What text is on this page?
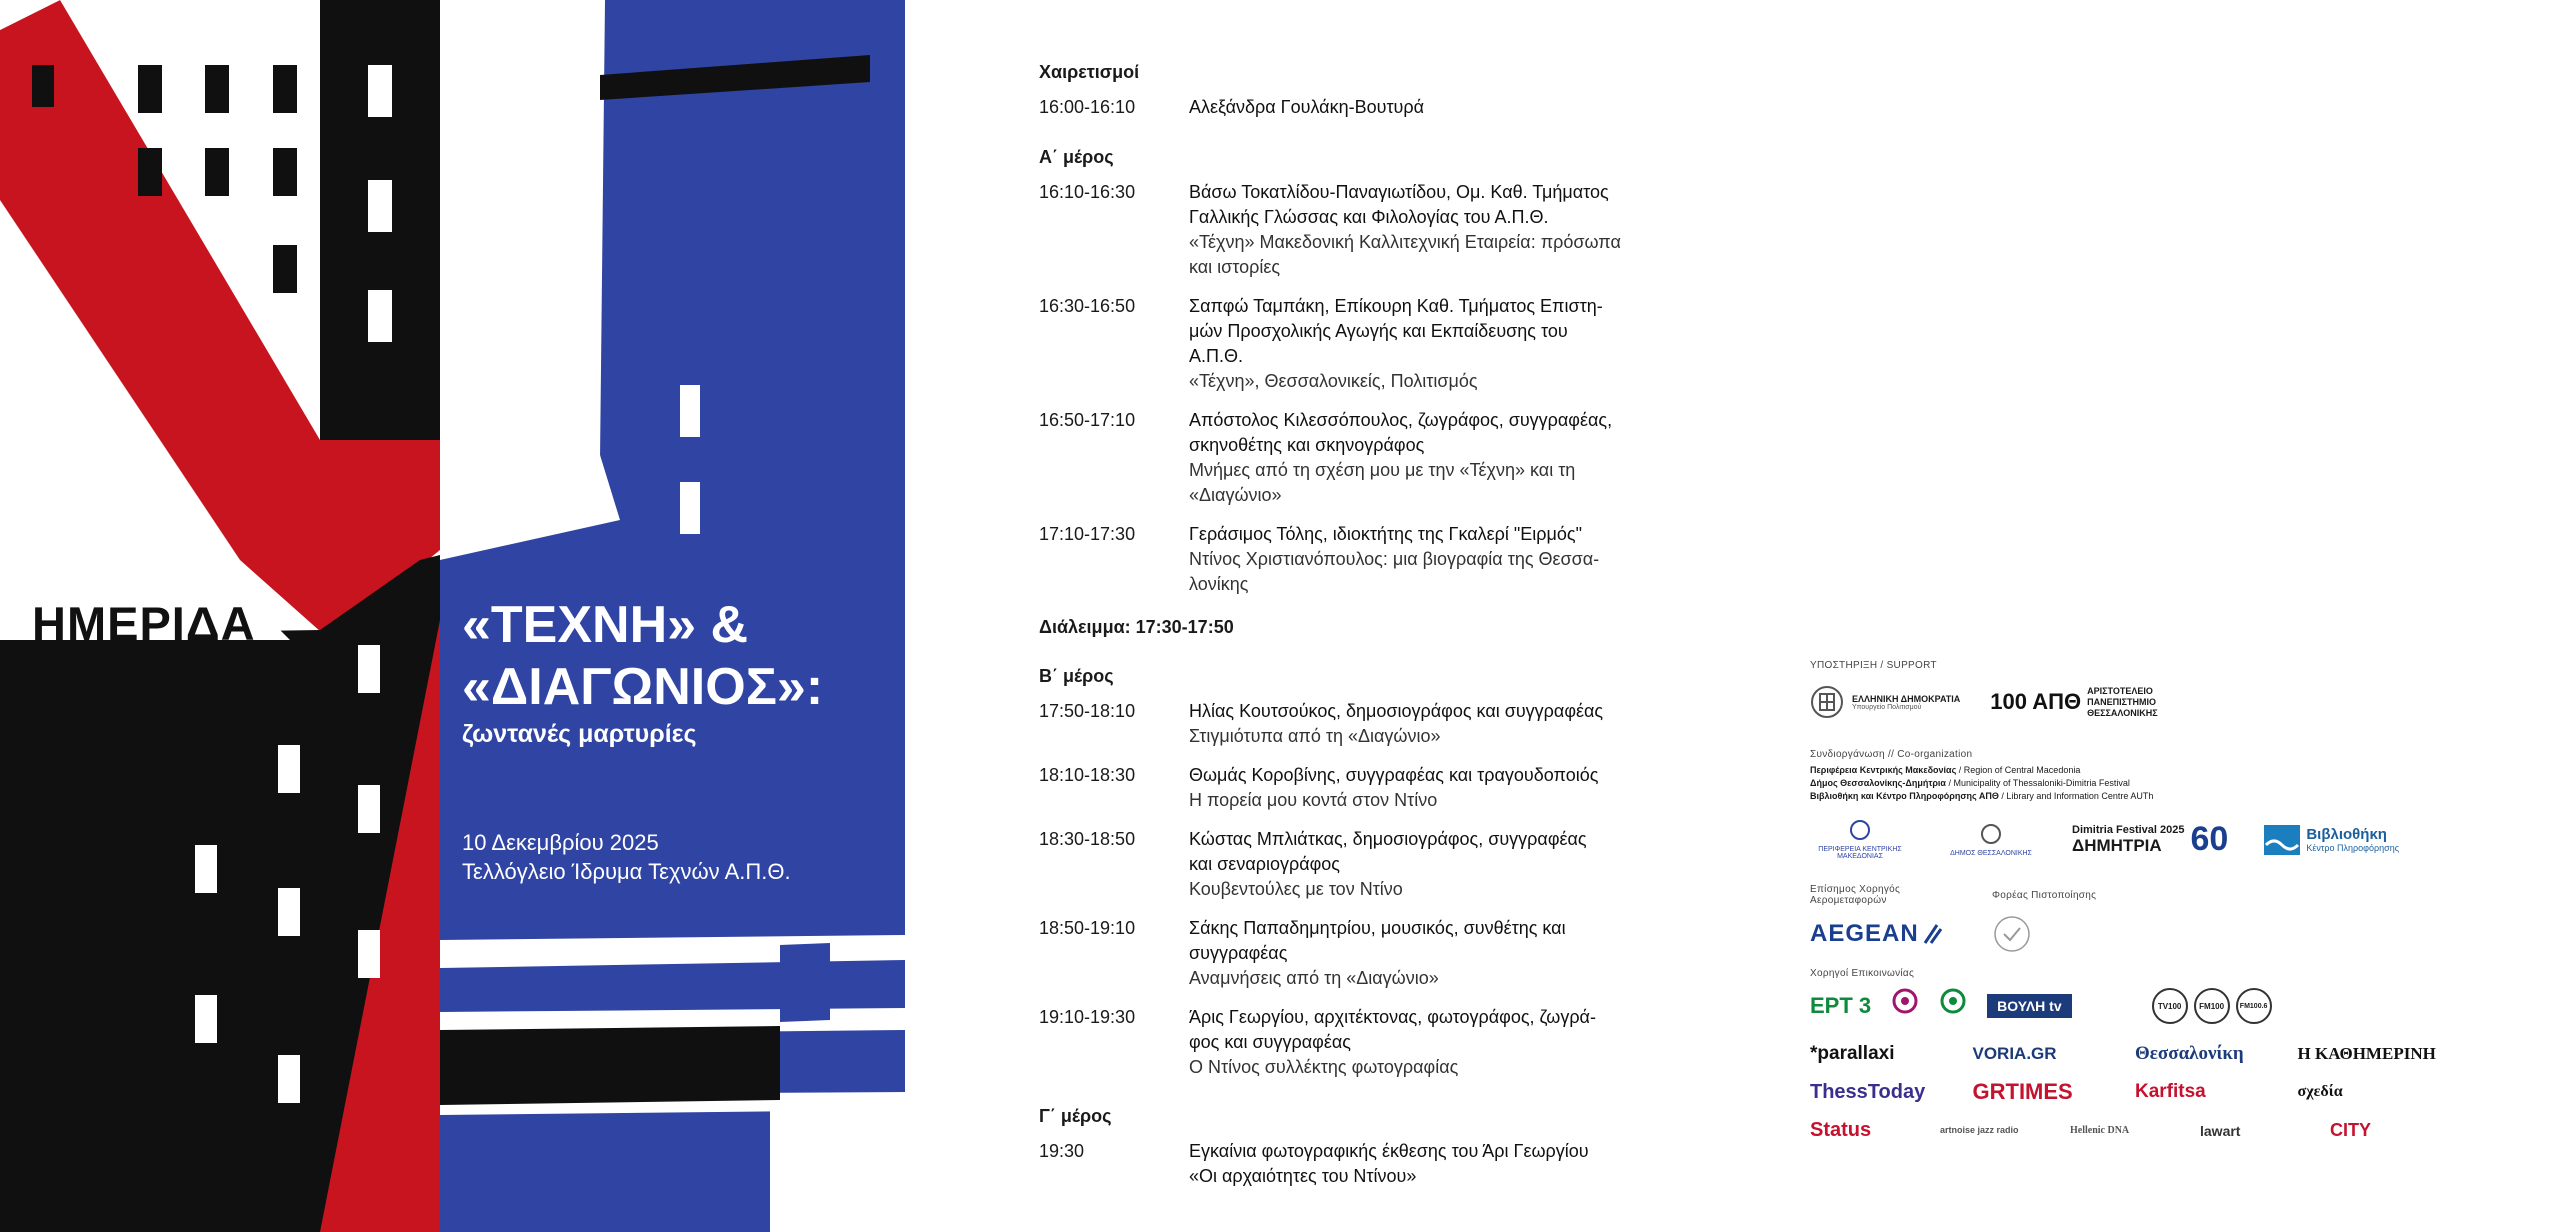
ΗΜΕΡΙΔΑ
ΤΕΛΛΟΓΛΕΙΟ
ΙΔΡΥΜΑ
ΤΕΧΝΩΝ
Α.Π.Θ.
«ΤΕΧΝΗ» &
«ΔΙΑΓΩΝΙΟΣ»:
ζωντανές μαρτυρίες
10 Δεκεμβρίου 2025
Τελλόγλειο Ίδρυμα Τεχνών Α.Π.Θ.
Χαιρετισμοί
16:00-16:10	Αλεξάνδρα Γουλάκη-Βουτυρά
Α΄ μέρος
16:10-16:30	Βάσω Τοκατλίδου-Παναγιωτίδου, Ομ. Καθ. Τμήματος
Γαλλικής Γλώσσας και Φιλολογίας του Α.Π.Θ.
«Τέχνη» Μακεδονική Καλλιτεχνική Εταιρεία: πρόσωπα
και ιστορίες
16:30-16:50	Σαπφώ Ταμπάκη, Επίκουρη Καθ. Τμήματος Επιστη-
μών Προσχολικής Αγωγής και Εκπαίδευσης του
Α.Π.Θ.
«Τέχνη», Θεσσαλονικείς, Πολιτισμός
16:50-17:10	Απόστολος Κιλεσσόπουλος, ζωγράφος, συγγραφέας,
σκηνοθέτης και σκηνογράφος
Μνήμες από τη σχέση μου με την «Τέχνη» και τη
«Διαγώνιο»
17:10-17:30	Γεράσιμος Τόλης, ιδιοκτήτης της Γκαλερί "Ειρμός"
Ντίνος Χριστιανόπουλος: μια βιογραφία της Θεσσα-
λονίκης
Διάλειμμα: 17:30-17:50
Β΄ μέρος
17:50-18:10	Ηλίας Κουτσούκος, δημοσιογράφος και συγγραφέας
Στιγμιότυπα από τη «Διαγώνιο»
18:10-18:30	Θωμάς Κοροβίνης, συγγραφέας και τραγουδοποιός
Η πορεία μου κοντά στον Ντίνο
18:30-18:50	Κώστας Μπλιάτκας, δημοσιογράφος, συγγραφέας
και σεναριογράφος
Κουβεντούλες με τον Ντίνο
18:50-19:10	Σάκης Παπαδημητρίου, μουσικός, συνθέτης και
συγγραφέας
Αναμνήσεις από τη «Διαγώνιο»
19:10-19:30	Άρις Γεωργίου, αρχιτέκτονας, φωτογράφος, ζωγρά-
φος και συγγραφέας
Ο Ντίνος συλλέκτης φωτογραφίας
Γ΄ μέρος
19:30	Εγκαίνια φωτογραφικής έκθεσης του Άρι Γεωργίου
«Οι αρχαιότητες του Ντίνου»
ΥΠΟΣΤΗΡΙΞΗ / SUPPORT
ΕΛΛΗΝΙΚΗ ΔΗΜΟΚΡΑΤΙΑ
Υπουργείο Πολιτισμού	100 ΑΠΘ ΑΡΙΣΤΟΤΕΛΕΙΟ ΠΑΝΕΠΙΣΤΗΜΙΟ ΘΕΣΣΑΛΟΝΙΚΗΣ
Συνδιοργάνωση // Co-organization
Περιφέρεια Κεντρικής Μακεδονίας / Region of Central Macedonia
Δήμος Θεσσαλονίκης-Δημήτρια / Municipality of Thessaloniki-Dimitria Festival
Βιβλιοθήκη και Κέντρο Πληροφόρησης ΑΠΘ / Library and Information Centre AUTh
ΠΕΡΙΦΕΡΕΙΑ ΚΕΝΤΡΙΚΗΣ ΜΑΚΕΔΟΝΙΑΣ	ΔΗΜΟΣ ΘΕΣΣΑΛΟΝΙΚΗΣ
Dimitria Festival 2025
ΔΗΜΗΤΡΙΑ 60	Βιβλιοθήκη
Κέντρο Πληροφόρησης
Επίσημος Χορηγός Αερομεταφορών	Φορέας Πιστοποίησης
AEGEAN
Χορηγοί Επικοινωνίας
ΕΡΤ 3	ΒΟΥΛΗ tv	TV100	FM100	FM100.6
*parallaxi	VORIA.GR	Θεσσαλονίκη	Η ΚΑΘΗΜΕΡΙΝΗ
ThessToday	GRTIMES	Karfitsa	σχεδία
Status	artnoise jazz radio	Hellenic DNA	lawart	CITY
